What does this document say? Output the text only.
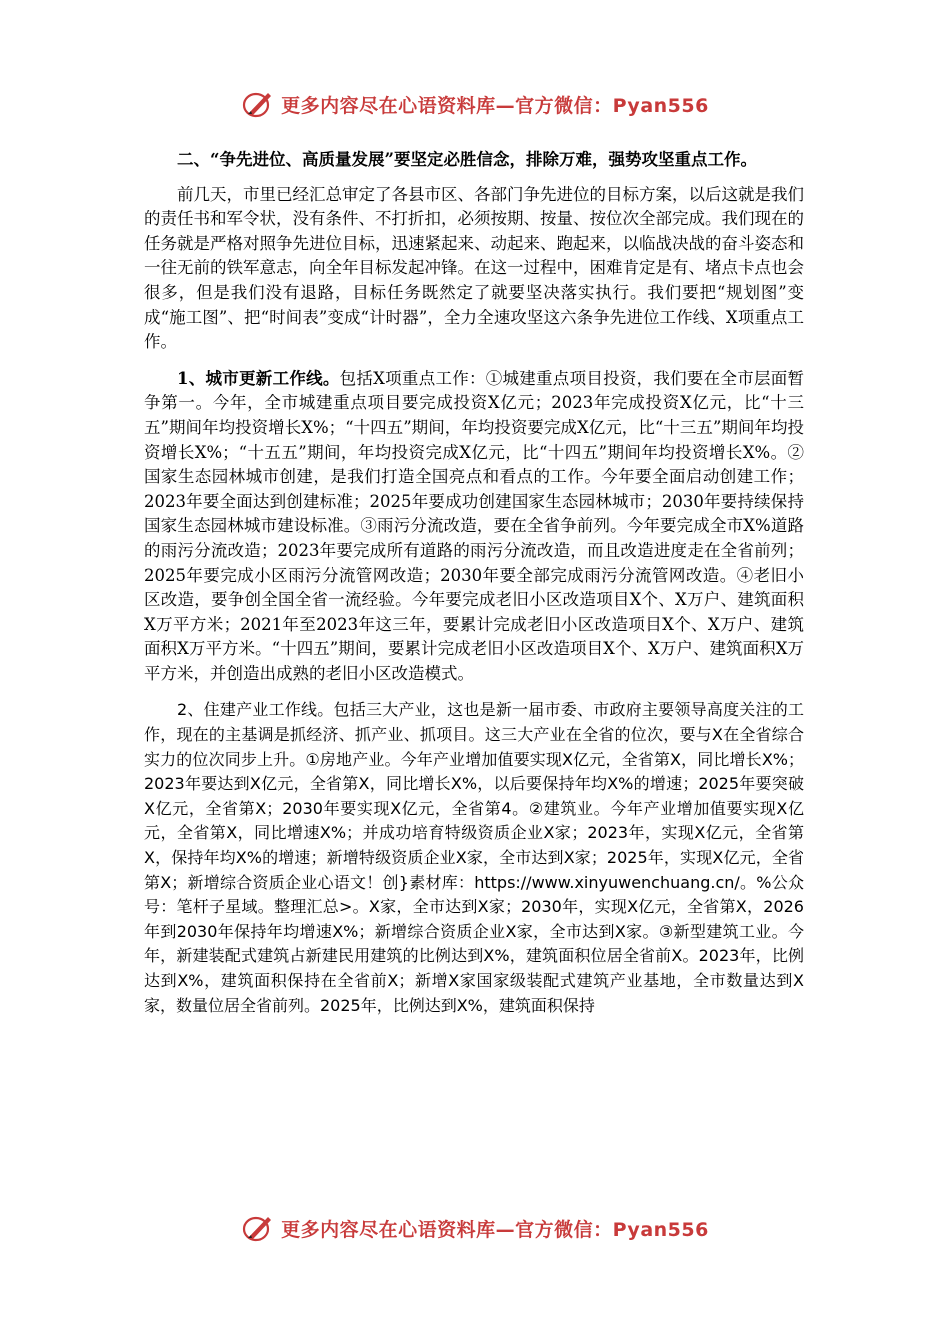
更多内容尽在心语资料库—官方微信：Pyan556

二、“争先进位、高质量发展”要坚定必胜信念，排除万难，强势攻坚重点工作。

前几天，市里已经汇总审定了各县市区、各部门争先进位的目标方案，以后这就是我们的责任书和军令状，没有条件、不打折扣，必须按期、按量、按位次全部完成。我们现在的任务就是严格对照争先进位目标，迅速紧起来、动起来、跑起来，以临战决战的奋斗姿态和一往无前的铁军意志，向全年目标发起冲锋。在这一过程中，困难肯定是有、堵点卡点也会很多，但是我们没有退路，目标任务既然定了就要坚决落实执行。我们要把“规划图”变成“施工图”、把“时间表”变成“计时器”，全力全速攻坚这六条争先进位工作线、X项重点工作。

1、城市更新工作线。包括X项重点工作：①城建重点项目投资，我们要在全市层面暂争第一。今年，全市城建重点项目要完成投资X亿元；2023年完成投资X亿元，比“十三五”期间年均投资增长X%；“十四五”期间，年均投资要完成X亿元，比“十三五”期间年均投资增长X%；“十五五”期间，年均投资完成X亿元，比“十四五”期间年均投资增长X%。②国家生态园林城市创建，是我们打造全国亮点和看点的工作。今年要全面启动创建工作；2023年要全面达到创建标准；2025年要成功创建国家生态园林城市；2030年要持续保持国家生态园林城市建设标准。③雨污分流改造，要在全省争前列。今年要完成全市X%道路的雨污分流改造；2023年要完成所有道路的雨污分流改造，而且改造进度走在全省前列；2025年要完成小区雨污分流管网改造；2030年要全部完成雨污分流管网改造。④老旧小区改造，要争创全国全省一流经验。今年要完成老旧小区改造项目X个、X万户、建筑面积X万平方米；2021年至2023年这三年，要累计完成老旧小区改造项目X个、X万户、建筑面积X万平方米。“十四五”期间，要累计完成老旧小区改造项目X个、X万户、建筑面积X万平方米，并创造出成熟的老旧小区改造模式。

2、住建产业工作线。包括三大产业，这也是新一届市委、市政府主要领导高度关注的工作，现在的主基调是抓经济、抓产业、抓项目。这三大产业在全省的位次，要与X在全省综合实力的位次同步上升。①房地产业。今年产业增加值要实现X亿元，全省第X，同比增长X%；2023年要达到X亿元，全省第X，同比增长X%，以后要保持年均X%的增速；2025年要突破X亿元，全省第X；2030年要实现X亿元，全省第4。②建筑业。今年产业增加值要实现X亿元，全省第X，同比增速X%；并成功培育特级资质企业X家；2023年，实现X亿元，全省第X，保持年均X%的增速；新增特级资质企业X家，全市达到X家；2025年，实现X亿元，全省第X；新增综合资质企业心语文！创}素材库：https://www.xinyuwenchuang.cn/。%公众号：笔杆子星域。整理汇总>。X家，全市达到X家；2030年，实现X亿元，全省第X，2026年到2030年保持年均增速X%；新增综合资质企业X家，全市达到X家。③新型建筑工业。今年，新建装配式建筑占新建民用建筑的比例达到X%，建筑面积位居全省前X。2023年，比例达到X%，建筑面积保持在全省前X；新增X家国家级装配式建筑产业基地，全市数量达到X家，数量位居全省前列。2025年，比例达到X%，建筑面积保持

更多内容尽在心语资料库—官方微信：Pyan556
